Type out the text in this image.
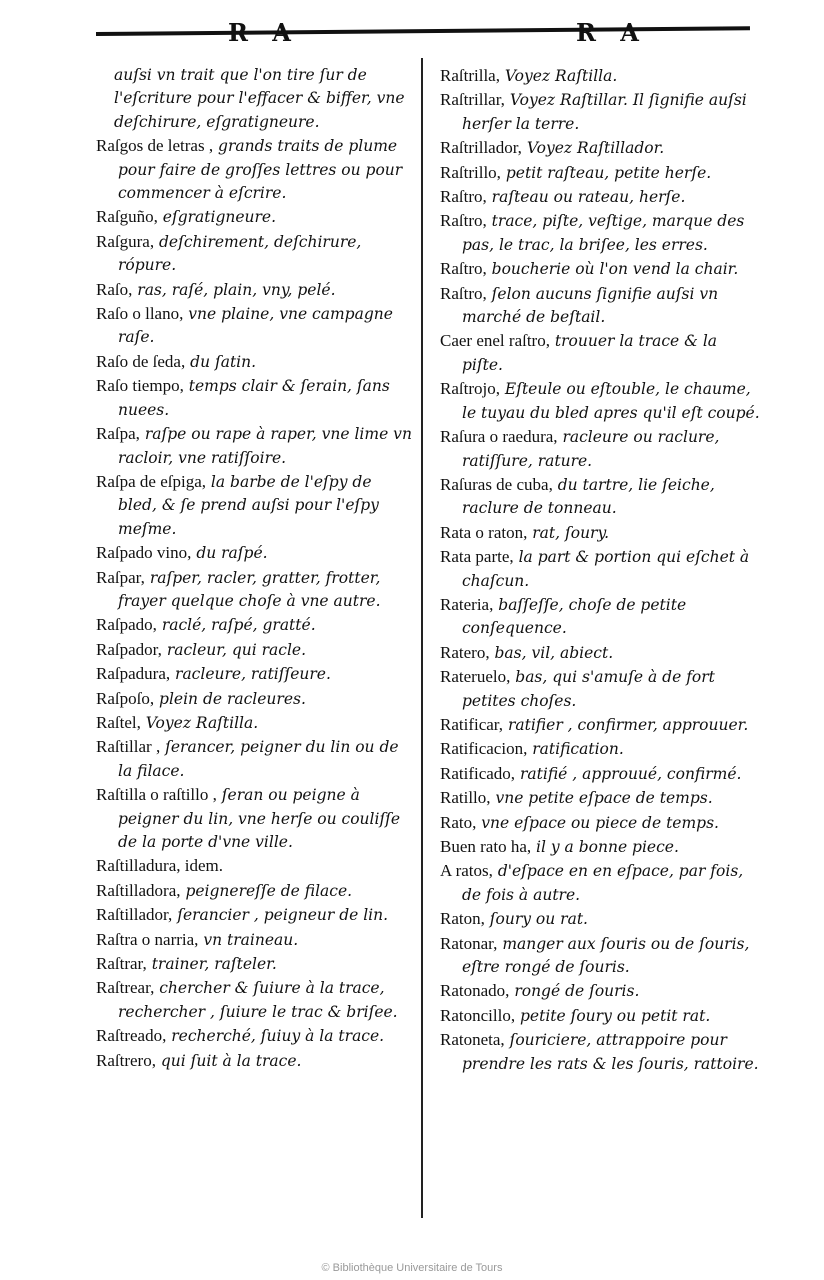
R A	R A

auſsi vn trait que l'on tire ſur de l'eſcriture pour l'effacer & biffer, vne deſchirure, eſgratigneure.

Raſgos de letras , grands traits de plume pour faire de groſſes lettres ou pour commencer à eſcrire.

Raſguño, eſgratigneure.

Raſgura, deſchirement, deſchirure, rópure.

Raſo, ras, raſé, plain, vny, pelé.

Raſo o llano, vne plaine, vne campagne raſe.

Raſo de ſeda, du ſatin.

Raſo tiempo, temps clair & ſerain, ſans nuees.

Raſpa, raſpe ou rape à raper, vne lime vn racloir, vne ratiſſoire.

Raſpa de eſpiga, la barbe de l'eſpy de bled, & ſe prend auſsi pour l'eſpy meſme.

Raſpado vino, du raſpé.

Raſpar, raſper, racler, gratter, frotter, frayer quelque choſe à vne autre.

Raſpado, raclé, raſpé, gratté.

Raſpador, racleur, qui racle.

Raſpadura, racleure, ratiſſeure.

Raſpoſo, plein de racleures.

Raſtel, Voyez Raſtilla.

Raſtillar , ſerancer, peigner du lin ou de la filace.

Raſtilla o raſtillo , ſeran ou peigne à peigner du lin, vne herſe ou couliſſe de la porte d'vne ville.

Raſtilladura, idem.

Raſtilladora, peignereſſe de filace.

Raſtillador, ſerancier , peigneur de lin.

Raſtra o narria, vn traineau.

Raſtrar, trainer, raſteler.

Raſtrear, chercher & ſuiure à la trace, rechercher , ſuiure le trac & briſee.

Raſtreado, recherché, ſuiuy à la trace.

Raſtrero, qui ſuit à la trace.

Raſtrilla, Voyez Raſtilla.

Raſtrillar, Voyez Raſtillar. Il ſignifie auſsi herſer la terre.

Raſtrillador, Voyez Raſtillador.

Raſtrillo, petit raſteau, petite herſe.

Raſtro, raſteau ou rateau, herſe.

Raſtro, trace, piſte, veſtige, marque des pas, le trac, la briſee, les erres.

Raſtro, boucherie où l'on vend la chair.

Raſtro, ſelon aucuns ſignifie auſsi vn marché de beſtail.

Caer enel raſtro, trouuer la trace & la piſte.

Raſtrojo, Eſteule ou eſtouble, le chaume, le tuyau du bled apres qu'il eſt coupé.

Raſura o raedura, racleure ou raclure, ratiſſure, rature.

Raſuras de cuba, du tartre, lie ſeiche, raclure de tonneau.

Rata o raton, rat, ſoury.

Rata parte, la part & portion qui eſchet à chaſcun.

Rateria, baſſeſſe, choſe de petite conſequence.

Ratero, bas, vil, abiect.

Rateruelo, bas, qui s'amuſe à de fort petites choſes.

Ratificar, ratifier , confirmer, approuuer.

Ratificacion, ratification.

Ratificado, ratifié , approuué, confirmé.

Ratillo, vne petite eſpace de temps.

Rato, vne eſpace ou piece de temps.

Buen rato ha, il y a bonne piece.

A ratos, d'eſpace en en eſpace, par fois, de fois à autre.

Raton, ſoury ou rat.

Ratonar, manger aux ſouris ou de ſouris, eſtre rongé de ſouris.

Ratonado, rongé de ſouris.

Ratoncillo, petite ſoury ou petit rat.

Ratoneta, ſouriciere, attrappoire pour prendre les rats & les ſouris, rattoire.

© Bibliothèque Universitaire de Tours
